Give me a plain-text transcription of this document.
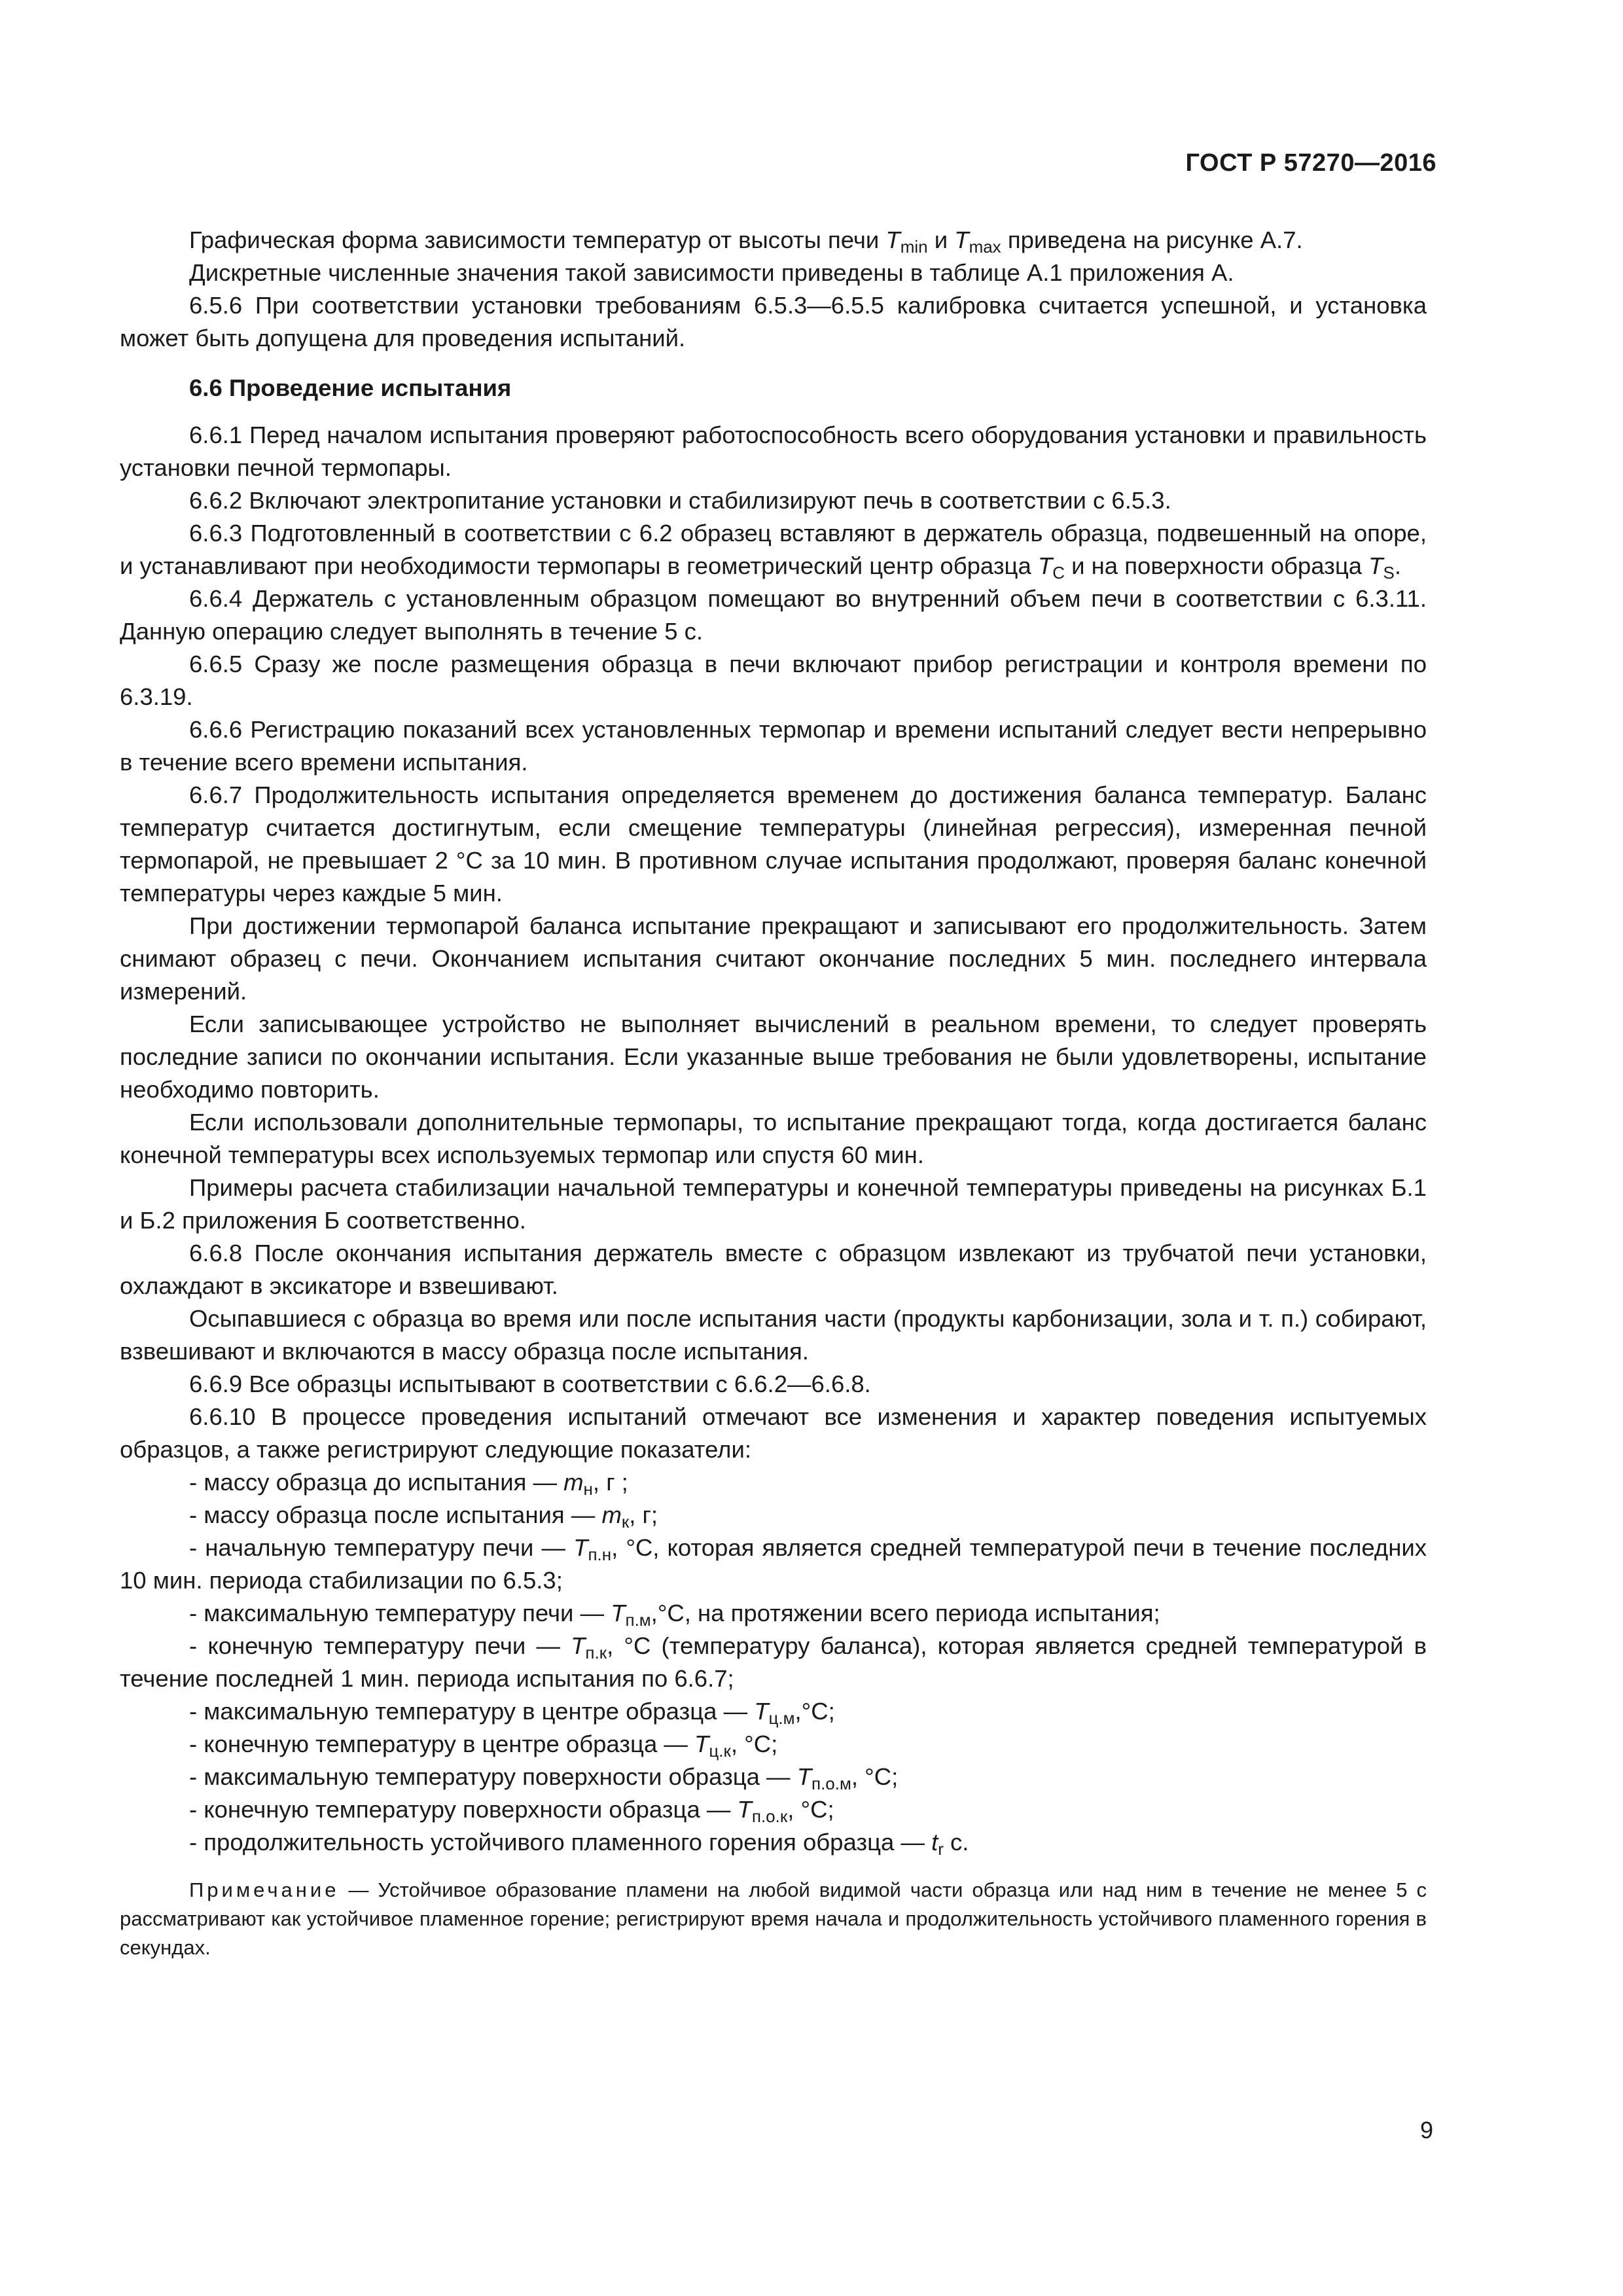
ГОСТ Р 57270—2016

Графическая форма зависимости температур от высоты печи $T_{min}$ и $T_{max}$ приведена на рисунке А.7.

Дискретные численные значения такой зависимости приведены в таблице А.1 приложения А.

6.5.6 При соответствии установки требованиям 6.5.3—6.5.5 калибровка считается успешной, и установка может быть допущена для проведения испытаний.

6.6 Проведение испытания

6.6.1 Перед началом испытания проверяют работоспособность всего оборудования установки и правильность установки печной термопары.

6.6.2 Включают электропитание установки и стабилизируют печь в соответствии с 6.5.3.

6.6.3 Подготовленный в соответствии с 6.2 образец вставляют в держатель образца, подвешенный на опоре, и устанавливают при необходимости термопары в геометрический центр образца $T_C$ и на поверхности образца $T_S$.

6.6.4 Держатель с установленным образцом помещают во внутренний объем печи в соответствии с 6.3.11. Данную операцию следует выполнять в течение 5 с.

6.6.5 Сразу же после размещения образца в печи включают прибор регистрации и контроля времени по 6.3.19.

6.6.6 Регистрацию показаний всех установленных термопар и времени испытаний следует вести непрерывно в течение всего времени испытания.

6.6.7 Продолжительность испытания определяется временем до достижения баланса температур. Баланс температур считается достигнутым, если смещение температуры (линейная регрессия), измеренная печной термопарой, не превышает 2 °С за 10 мин. В противном случае испытания продолжают, проверяя баланс конечной температуры через каждые 5 мин.

При достижении термопарой баланса испытание прекращают и записывают его продолжительность. Затем снимают образец с печи. Окончанием испытания считают окончание последних 5 мин. последнего интервала измерений.

Если записывающее устройство не выполняет вычислений в реальном времени, то следует проверять последние записи по окончании испытания. Если указанные выше требования не были удовлетворены, испытание необходимо повторить.

Если использовали дополнительные термопары, то испытание прекращают тогда, когда достигается баланс конечной температуры всех используемых термопар или спустя 60 мин.

Примеры расчета стабилизации начальной температуры и конечной температуры приведены на рисунках Б.1 и Б.2 приложения Б соответственно.

6.6.8 После окончания испытания держатель вместе с образцом извлекают из трубчатой печи установки, охлаждают в эксикаторе и взвешивают.

Осыпавшиеся с образца во время или после испытания части (продукты карбонизации, зола и т. п.) собирают, взвешивают и включаются в массу образца после испытания.

6.6.9 Все образцы испытывают в соответствии с 6.6.2—6.6.8.

6.6.10 В процессе проведения испытаний отмечают все изменения и характер поведения испытуемых образцов, а также регистрируют следующие показатели:

- массу образца до испытания — $m_н$, г ;

- массу образца после испытания — $m_к$, г;

- начальную температуру печи — $T_{п.н}$, °С, которая является средней температурой печи в течение последних 10 мин. периода стабилизации по 6.5.3;

- максимальную температуру печи — $T_{п.м},^\circ С$, на протяжении всего периода испытания;

- конечную температуру печи — $T_{п.к}$, °С (температуру баланса), которая является средней температурой в течение последней 1 мин. периода испытания по 6.6.7;

- максимальную температуру в центре образца — $T_{ц.м},^\circ С$;

- конечную температуру в центре образца — $T_{ц.к}$, °С;

- максимальную температуру поверхности образца — $T_{п.о.м}$, °С;

- конечную температуру поверхности образца — $T_{п.о.к}$, °С;

- продолжительность устойчивого пламенного горения образца — $t_r$ с.

Примечание — Устойчивое образование пламени на любой видимой части образца или над ним в течение не менее 5 с рассматривают как устойчивое пламенное горение; регистрируют время начала и продолжительность устойчивого пламенного горения в секундах.

9
